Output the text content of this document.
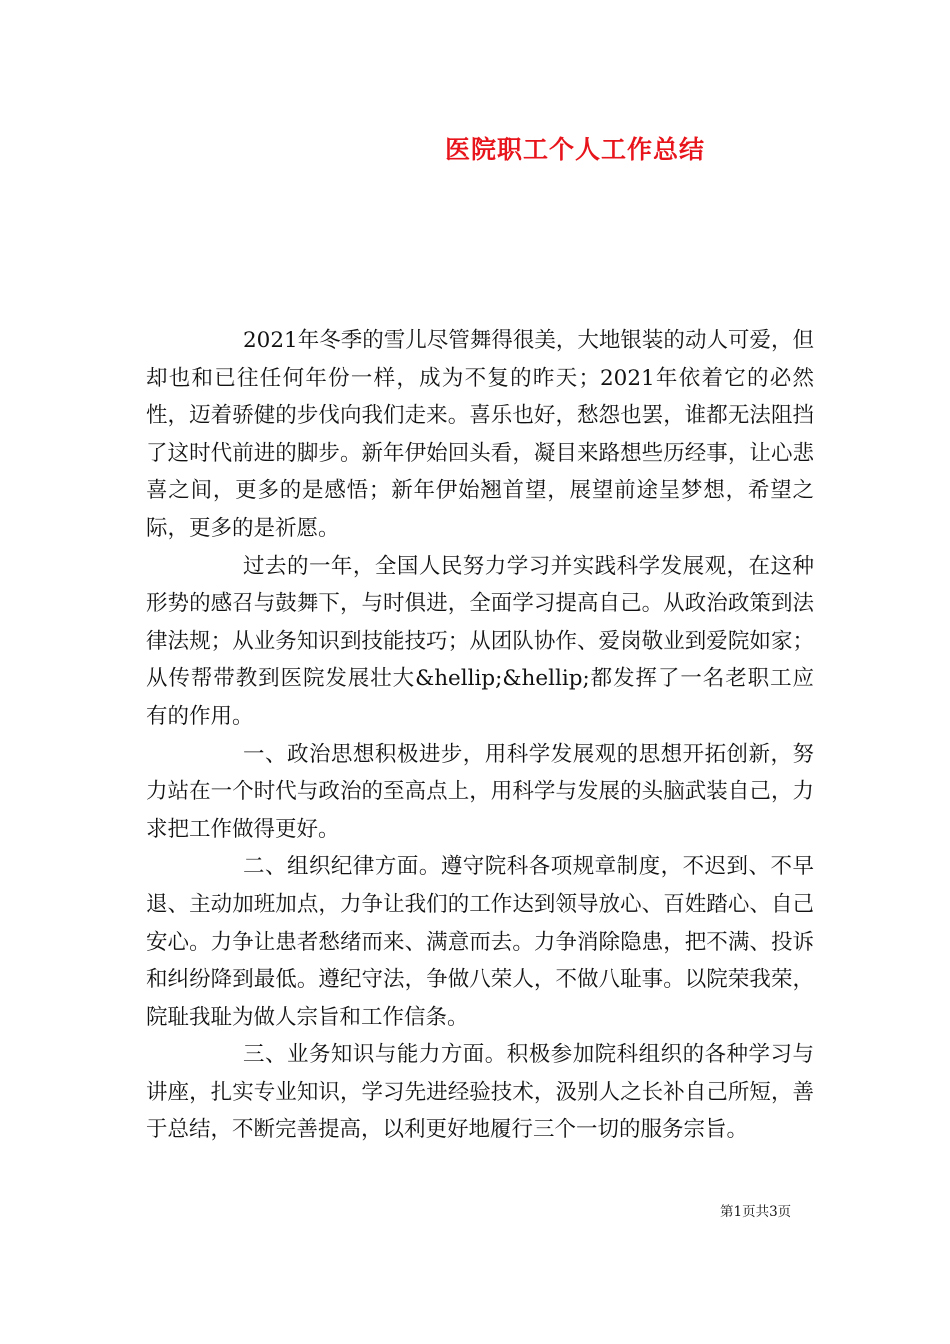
医院职工个人工作总结

2021年冬季的雪儿尽管舞得很美，大地银装的动人可爱，但却也和已往任何年份一样，成为不复的昨天；2021年依着它的必然性，迈着骄健的步伐向我们走来。喜乐也好，愁怨也罢，谁都无法阻挡了这时代前进的脚步。新年伊始回头看，凝目来路想些历经事，让心悲喜之间，更多的是感悟；新年伊始翘首望，展望前途呈梦想，希望之际，更多的是祈愿。

过去的一年，全国人民努力学习并实践科学发展观，在这种形势的感召与鼓舞下，与时俱进，全面学习提高自己。从政治政策到法律法规；从业务知识到技能技巧；从团队协作、爱岗敬业到爱院如家；从传帮带教到医院发展壮大&hellip;&hellip;都发挥了一名老职工应有的作用。

一、政治思想积极进步，用科学发展观的思想开拓创新，努力站在一个时代与政治的至高点上，用科学与发展的头脑武装自己，力求把工作做得更好。

二、组织纪律方面。遵守院科各项规章制度，不迟到、不早退、主动加班加点，力争让我们的工作达到领导放心、百姓踏心、自己安心。力争让患者愁绪而来、满意而去。力争消除隐患，把不满、投诉和纠纷降到最低。遵纪守法，争做八荣人，不做八耻事。以院荣我荣，院耻我耻为做人宗旨和工作信条。

三、业务知识与能力方面。积极参加院科组织的各种学习与讲座，扎实专业知识，学习先进经验技术，汲别人之长补自己所短，善于总结，不断完善提高，以利更好地履行三个一切的服务宗旨。

第1页共3页
